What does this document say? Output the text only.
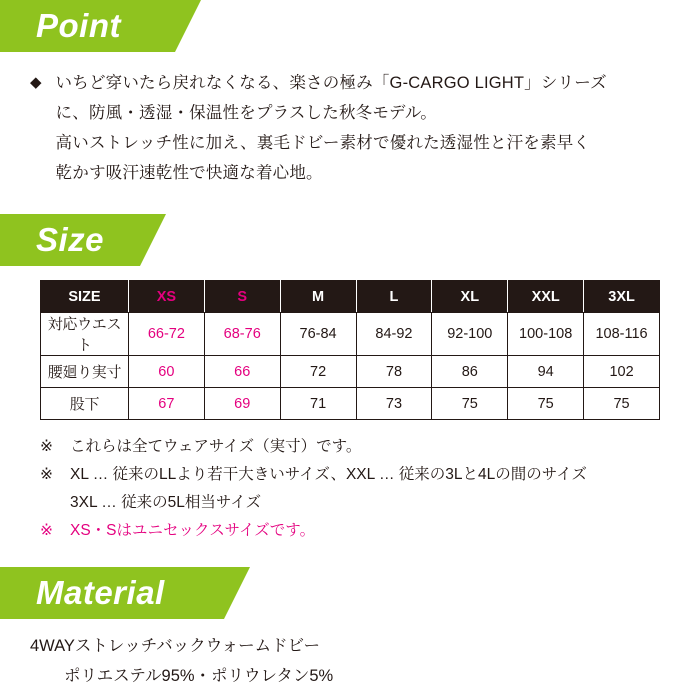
Point
◆ いちど穿いたら戻れなくなる、楽さの極み「G-CARGO LIGHT」シリーズ
に、防風・透湿・保温性をプラスした秋冬モデル。
高いストレッチ性に加え、裏毛ドビー素材で優れた透湿性と汗を素早く
乾かす吸汗速乾性で快適な着心地。
Size
SIZE	XS	S	M	L	XL	XXL	3XL
対応ウエスト	66-72	68-76	76-84	84-92	92-100	100-108	108-116
腰廻り実寸	60	66	72	78	86	94	102
股下	67	69	71	73	75	75	75
※	これらは全てウェアサイズ（実寸）です。
※	XL … 従来のLLより若干大きいサイズ、XXL … 従来の3Lと4Lの間のサイズ
3XL … 従来の5L相当サイズ
※	XS・Sはユニセックスサイズです。
Material
4WAYストレッチバックウォームドビー
ポリエステル95%・ポリウレタン5%
